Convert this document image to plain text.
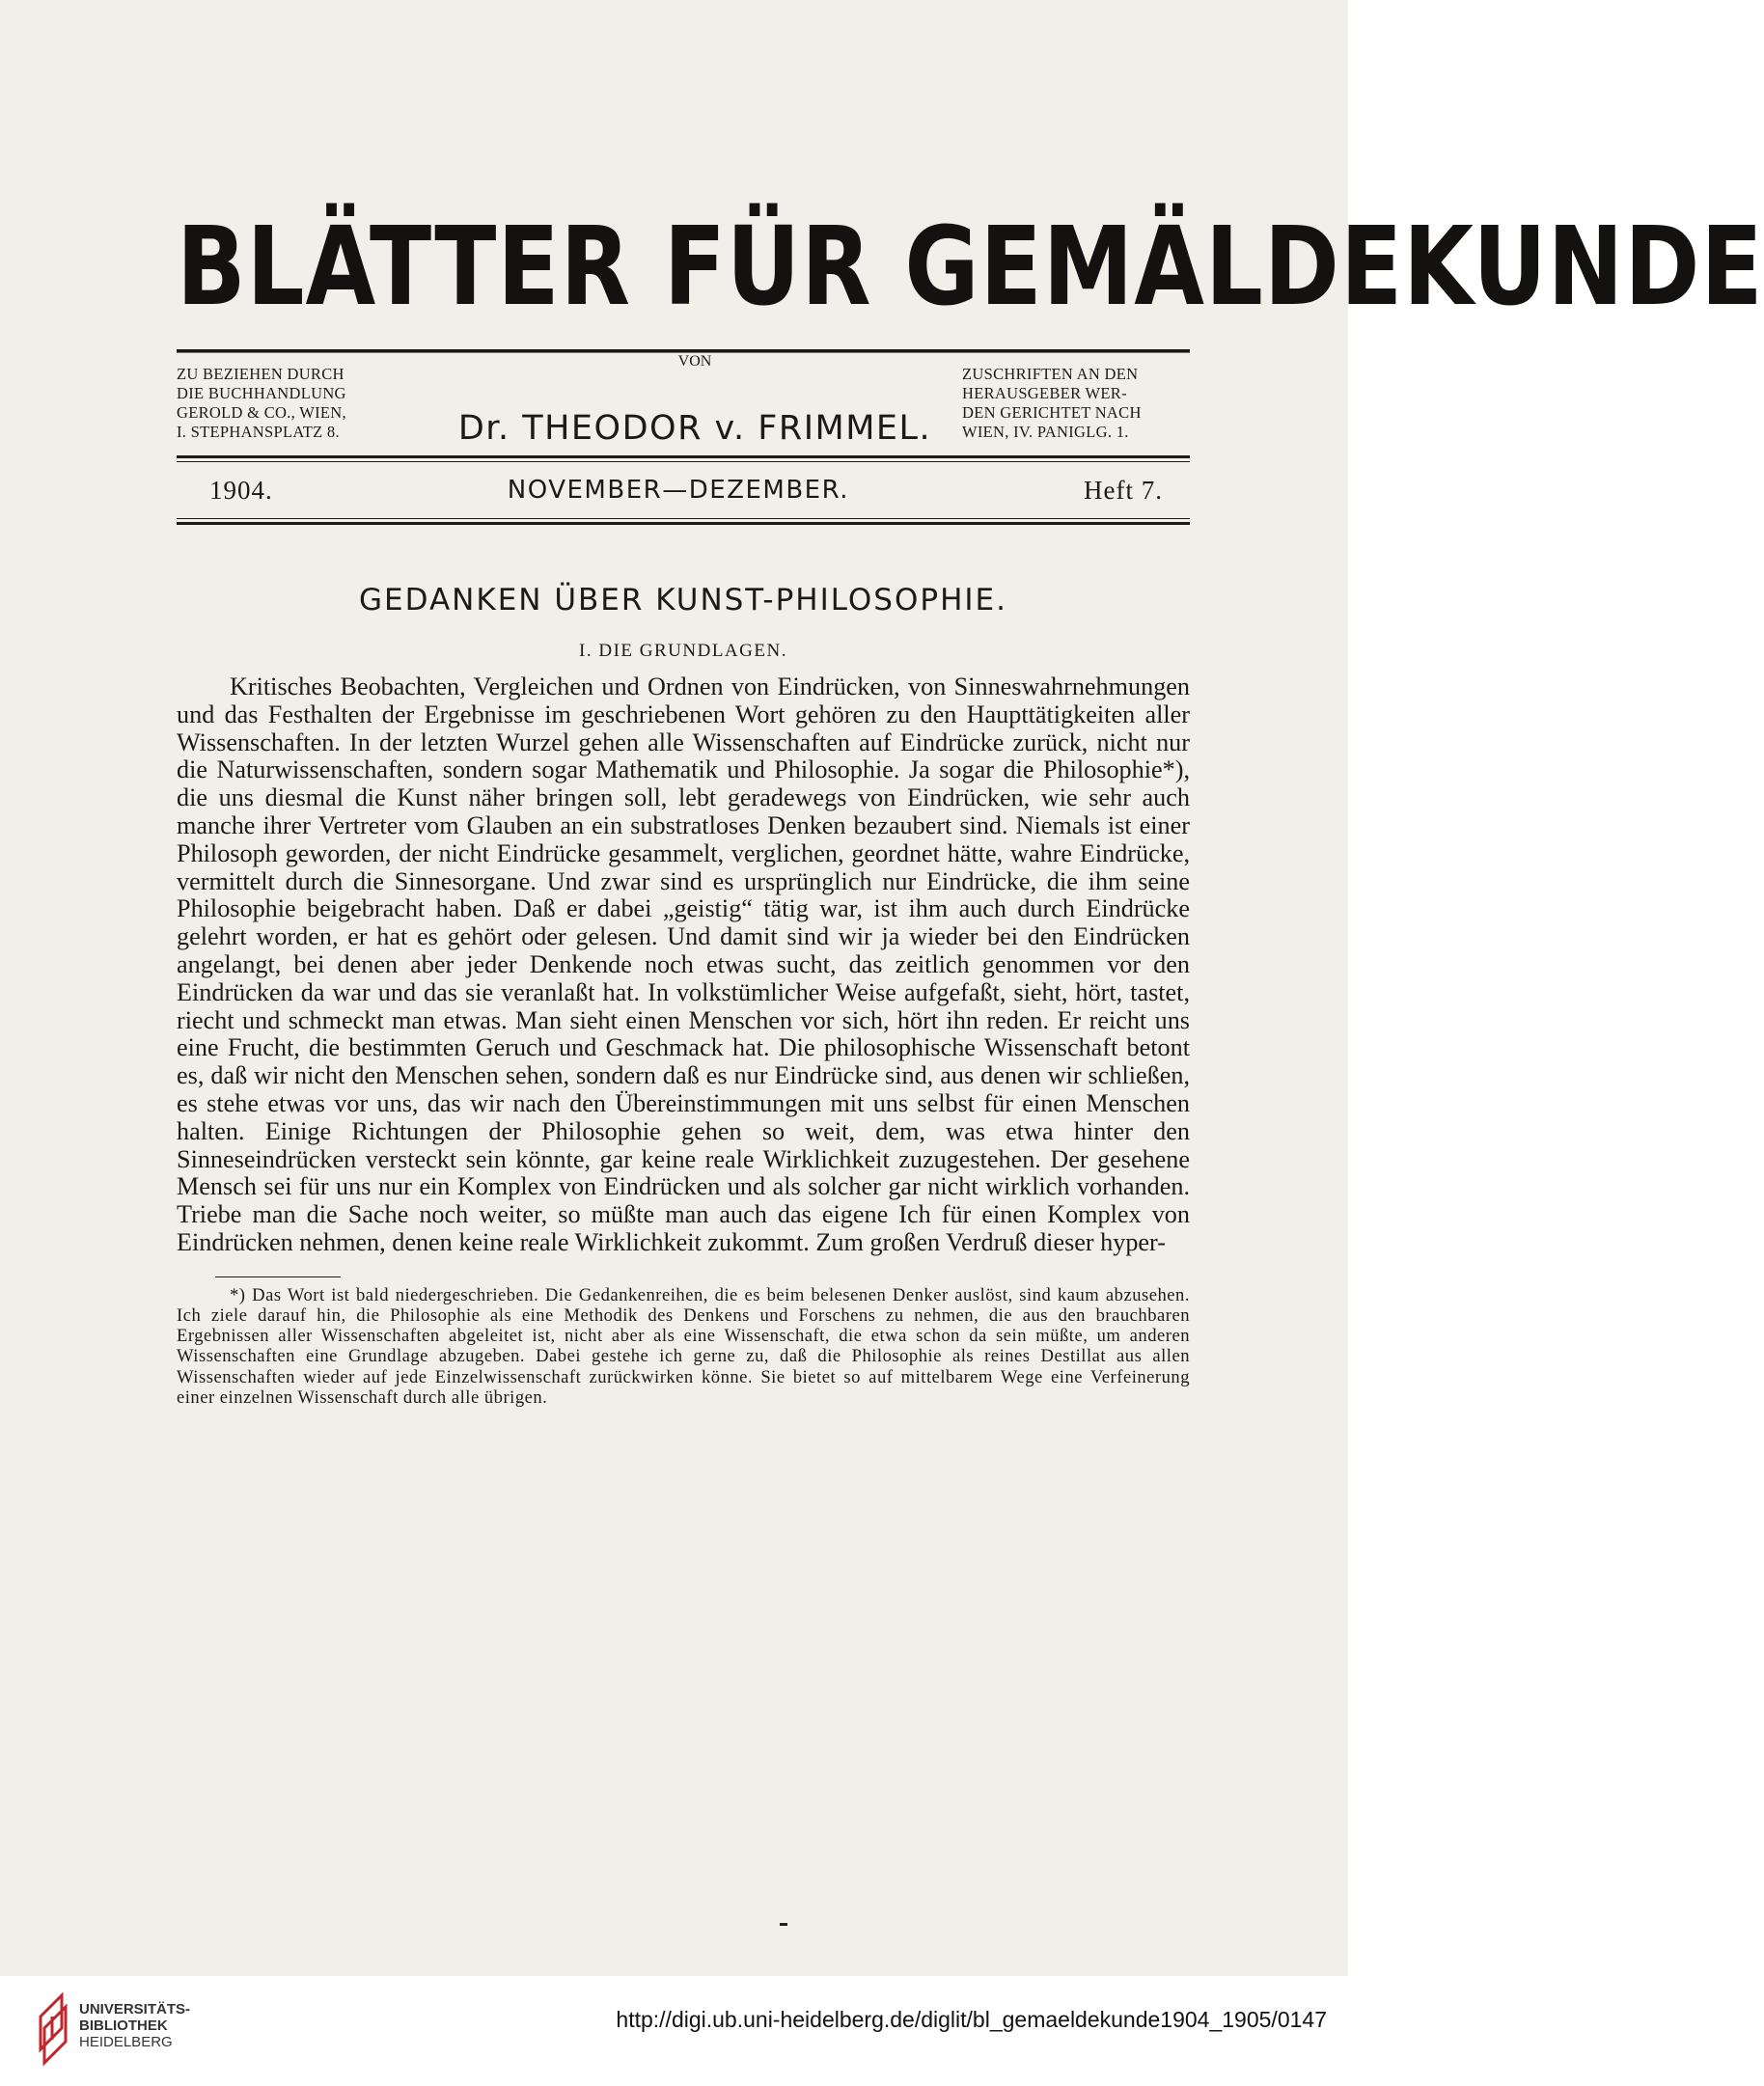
BLÄTTER FÜR GEMÄLDEKUNDE
ZU BEZIEHEN DURCH
DIE BUCHHANDLUNG
GEROLD & CO., WIEN,
I. STEPHANSPLATZ 8.
VON
Dr. THEODOR v. FRIMMEL.
ZUSCHRIFTEN AN DEN
HERAUSGEBER WER-
DEN GERICHTET NACH
WIEN, IV. PANIGLG. 1.
1904.	NOVEMBER—DEZEMBER.	Heft 7.
GEDANKEN ÜBER KUNST-PHILOSOPHIE.
I. DIE GRUNDLAGEN.
Kritisches Beobachten, Vergleichen und Ordnen von Eindrücken, von Sinneswahrnehmungen und das Festhalten der Ergebnisse im geschriebenen Wort gehören zu den Haupttätigkeiten aller Wissenschaften. In der letzten Wurzel gehen alle Wissenschaften auf Eindrücke zurück, nicht nur die Naturwissenschaften, sondern sogar Mathematik und Philosophie. Ja sogar die Philosophie*), die uns diesmal die Kunst näher bringen soll, lebt geradewegs von Eindrücken, wie sehr auch manche ihrer Vertreter vom Glauben an ein substratloses Denken bezaubert sind. Niemals ist einer Philosoph geworden, der nicht Eindrücke gesammelt, verglichen, geordnet hätte, wahre Eindrücke, vermittelt durch die Sinnesorgane. Und zwar sind es ursprünglich nur Eindrücke, die ihm seine Philosophie beigebracht haben. Daß er dabei „geistig“ tätig war, ist ihm auch durch Eindrücke gelehrt worden, er hat es gehört oder gelesen. Und damit sind wir ja wieder bei den Eindrücken angelangt, bei denen aber jeder Denkende noch etwas sucht, das zeitlich genommen vor den Eindrücken da war und das sie veranlaßt hat. In volkstümlicher Weise aufgefaßt, sieht, hört, tastet, riecht und schmeckt man etwas. Man sieht einen Menschen vor sich, hört ihn reden. Er reicht uns eine Frucht, die bestimmten Geruch und Geschmack hat. Die philosophische Wissenschaft betont es, daß wir nicht den Menschen sehen, sondern daß es nur Eindrücke sind, aus denen wir schließen, es stehe etwas vor uns, das wir nach den Übereinstimmungen mit uns selbst für einen Menschen halten. Einige Richtungen der Philosophie gehen so weit, dem, was etwa hinter den Sinneseindrücken versteckt sein könnte, gar keine reale Wirklichkeit zuzugestehen. Der gesehene Mensch sei für uns nur ein Komplex von Eindrücken und als solcher gar nicht wirklich vorhanden. Triebe man die Sache noch weiter, so müßte man auch das eigene Ich für einen Komplex von Eindrücken nehmen, denen keine reale Wirklichkeit zukommt. Zum großen Verdruß dieser hyper-
*) Das Wort ist bald niedergeschrieben. Die Gedankenreihen, die es beim belesenen Denker auslöst, sind kaum abzusehen. Ich ziele darauf hin, die Philosophie als eine Methodik des Denkens und Forschens zu nehmen, die aus den brauchbaren Ergebnissen aller Wissenschaften abgeleitet ist, nicht aber als eine Wissenschaft, die etwa schon da sein müßte, um anderen Wissenschaften eine Grundlage abzugeben. Dabei gestehe ich gerne zu, daß die Philosophie als reines Destillat aus allen Wissenschaften wieder auf jede Einzelwissenschaft zurückwirken könne. Sie bietet so auf mittelbarem Wege eine Verfeinerung einer einzelnen Wissenschaft durch alle übrigen.
UNIVERSITÄTS-
BIBLIOTHEK
HEIDELBERG
http://digi.ub.uni-heidelberg.de/diglit/bl_gemaeldekunde1904_1905/0147
